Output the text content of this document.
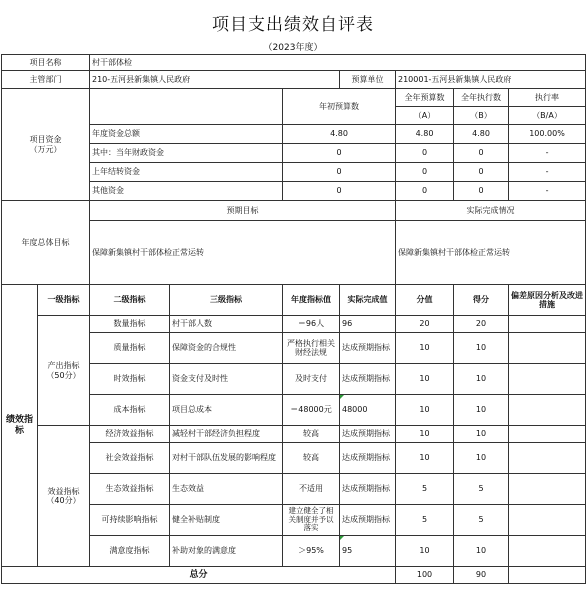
项目支出绩效自评表
（2023年度）
项目名称		村干部体检						
主管部门		210-五河县新集镇人民政府			预算单位	210001-五河县新集镇人民政府		
项目资金
（万元）				年初预算数		全年预算数	全年执行数	执行率
						（A）	（B）	（B/A）
		年度资金总额		4.80		4.80	4.80	100.00%
		其中：当年财政资金		0		0	0	-
		上年结转资金		0		0	0	-
		其他资金		0		0	0	-
年度总体目标		预期目标				实际完成情况		
		保障新集镇村干部体检正常运转				保障新集镇村干部体检正常运转		
绩效指标	一级指标	二级指标	三级指标	年度指标值	实际完成值	分值	得分	偏差原因分析及改进措施
	产出指标（50分）	数量指标	村干部人数	＝96人	96	20	20	
		质量指标	保障资金的合规性	严格执行相关财经法规	达成预期指标	10	10	
		时效指标	资金支付及时性	及时支付	达成预期指标	10	10	
		成本指标	项目总成本	＝48000元	48000	10	10	
	效益指标（40分）	经济效益指标	减轻村干部经济负担程度	较高	达成预期指标	10	10	
		社会效益指标	对村干部队伍发展的影响程度	较高	达成预期指标	10	10	
		生态效益指标	生态效益	不适用	达成预期指标	5	5	
		可持续影响指标	健全补贴制度	建立健全了相关制度并予以落实	达成预期指标	5	5	
		满意度指标	补助对象的满意度	＞95%	95	10	10	
总分						100	90	
